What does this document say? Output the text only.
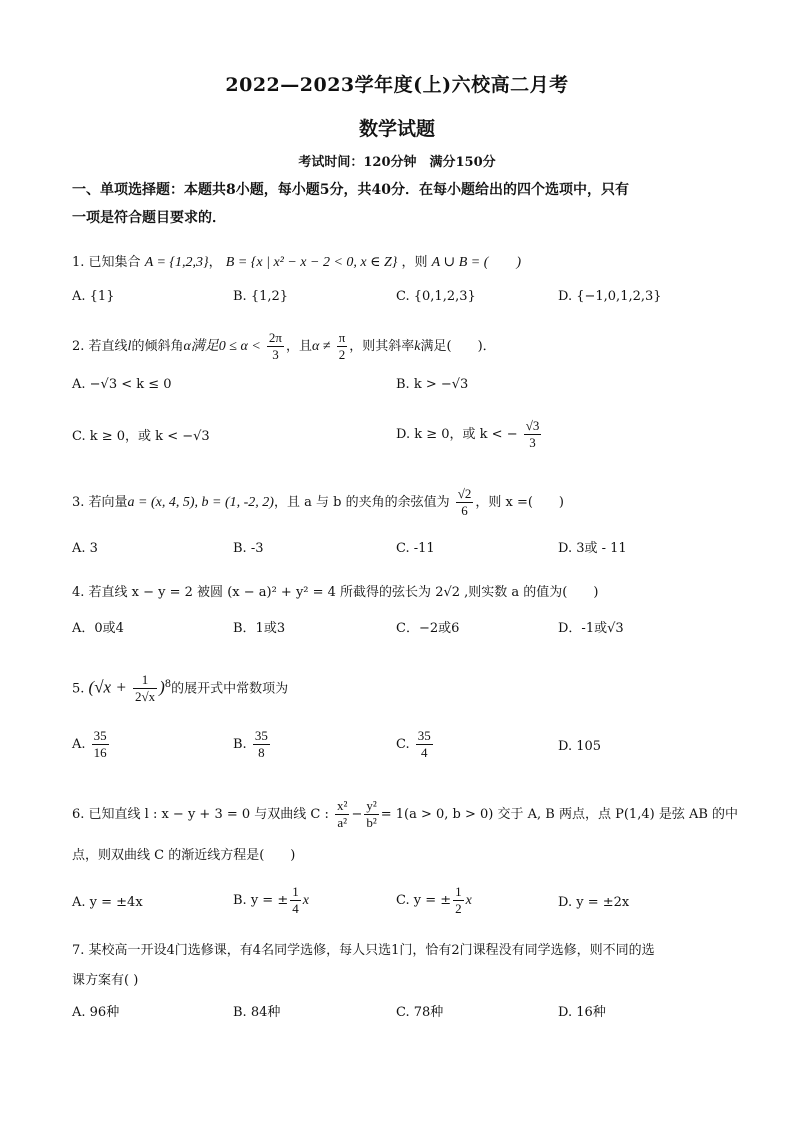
2022—2023学年度(上)六校高二月考
数学试题
考试时间：120分钟　满分150分
一、单项选择题：本题共8小题，每小题5分，共40分．在每小题给出的四个选项中，只有
一项是符合题目要求的．
1. 已知集合 A = {1,2,3}， B = {x | x² − x − 2 < 0, x ∈ Z} ，则 A ∪ B = (　　)
A. {1}	B. {1,2}	C. {0,1,2,3}	D. {−1,0,1,2,3}
2. 若直线l的倾斜角α满足$0 \le \alpha < \frac{2\pi}{3}$ ，且$\alpha \ne \frac{\pi}{2}$ ，则其斜率k满足(　　)．
A. −√3 < k ≤ 0	B. k > −√3
C. k ≥ 0，或 k < −√3	D. k ≥ 0，或 k < − $\frac{√3}{3}$
3. 若向量a = (x, 4, 5), b = (1, -2, 2)，且 a 与 b 的夹角的余弦值为 $\frac{√2}{6}$ ，则 x =(　　)
A. 3	B. -3	C. -11	D. 3或 - 11
4. 若直线 x − y = 2 被圆 (x − a)² + y² = 4 所截得的弦长为 2√2 ,则实数 a 的值为(　　)
A．0或4	B．1或3	C．−2或6	D．-1或√3
5. $(√x + \frac{1}{2√x} )^8$的展开式中常数项为
A. $\frac{35}{16}$	B. $\frac{35}{8}$	C. $\frac{35}{4}$	D. 105
6. 已知直线 l : x − y + 3 = 0 与双曲线 C : $\frac{\text{x²}}{\text{a²}} - \frac{\text{y²}}{\text{b²}} = 1(a > 0$, b > 0) 交于 A, B 两点，点 P(1,4) 是弦 AB 的中
点，则双曲线 C 的渐近线方程是(　　)
A. y = ±4x	B. y = ± $\frac{1}{4}$ x	C. y = ± $\frac{1}{2}$ x	D. y = ±2x
7. 某校高一开设4门选修课，有4名同学选修，每人只选1门，恰有2门课程没有同学选修，则不同的选
课方案有( )
A. 96种	B. 84种	C. 78种	D. 16种
